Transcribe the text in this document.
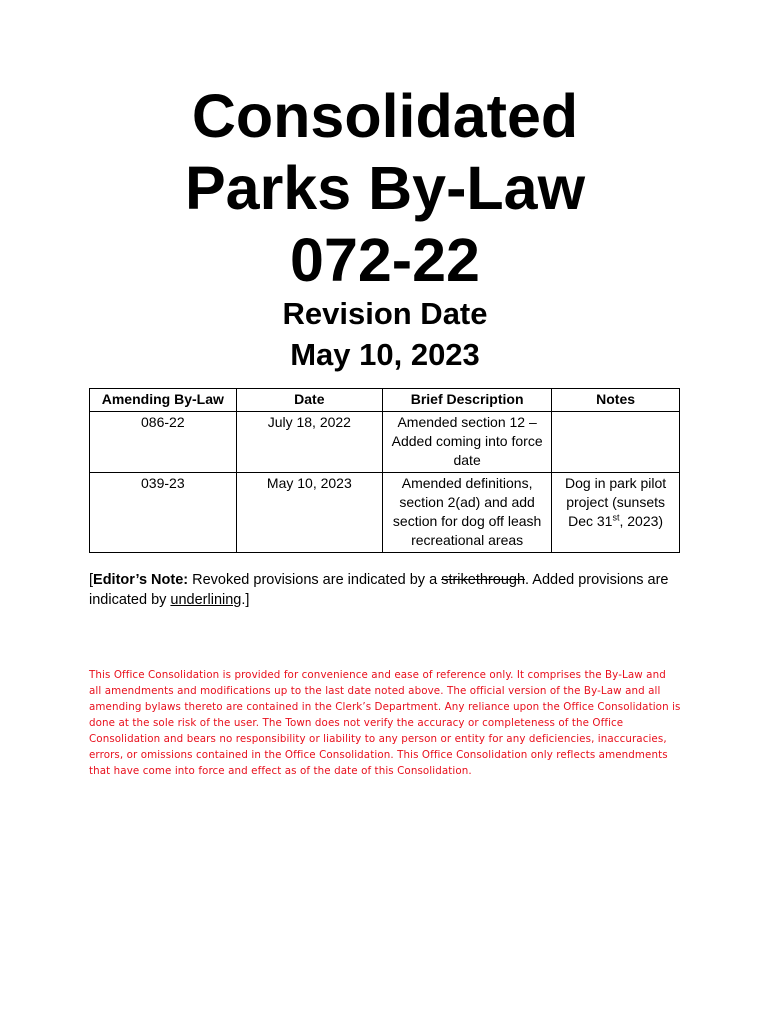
Consolidated
Parks By-Law
072-22
Revision Date
May 10, 2023
Amending By-Law	Date	Brief Description	Notes
086-22	July 18, 2022	Amended section 12 – Added coming into force date	
039-23	May 10, 2023	Amended definitions, section 2(ad) and add section for dog off leash recreational areas	Dog in park pilot project (sunsets Dec 31st, 2023)
[Editor’s Note: Revoked provisions are indicated by a strikethrough. Added provisions are indicated by underlining.]
This Office Consolidation is provided for convenience and ease of reference only. It comprises the By-Law and all amendments and modifications up to the last date noted above. The official version of the By-Law and all amending bylaws thereto are contained in the Clerk’s Department. Any reliance upon the Office Consolidation is done at the sole risk of the user. The Town does not verify the accuracy or completeness of the Office Consolidation and bears no responsibility or liability to any person or entity for any deficiencies, inaccuracies, errors, or omissions contained in the Office Consolidation. This Office Consolidation only reflects amendments that have come into force and effect as of the date of this Consolidation.
